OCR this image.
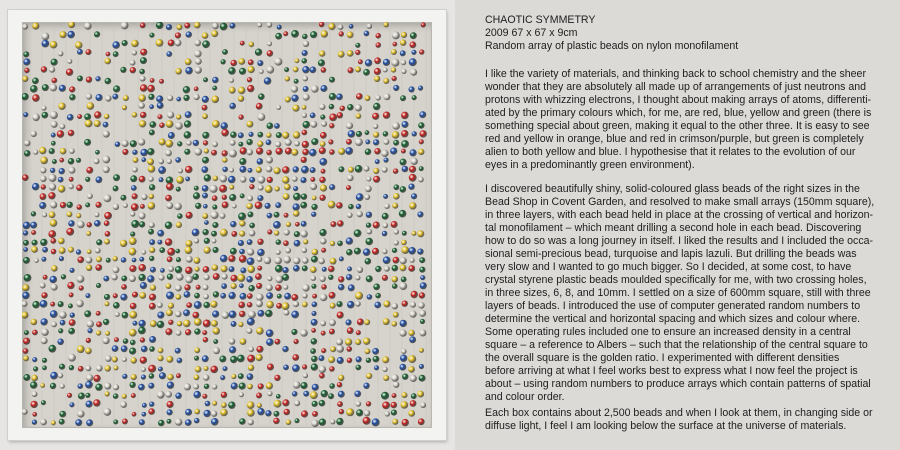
CHAOTIC SYMMETRY
2009 67 x 67 x 9cm
Random array of plastic beads on nylon monofilament
I like the variety of materials, and thinking back to school chemistry and the sheer
wonder that they are absolutely all made up of arrangements of just neutrons and
protons with whizzing electrons, I thought about making arrays of atoms, differenti-
ated by the primary colours which, for me, are red, blue, yellow and green (there is
something special about green, making it equal to the other three. It is easy to see
red and yellow in orange, blue and red in crimson/purple, but green is completely
alien to both yellow and blue. I hypothesise that it relates to the evolution of our
eyes in a predominantly green environment).
I discovered beautifully shiny, solid-coloured glass beads of the right sizes in the
Bead Shop in Covent Garden, and resolved to make small arrays (150mm square),
in three layers, with each bead held in place at the crossing of vertical and horizon-
tal monofilament – which meant drilling a second hole in each bead. Discovering
how to do so was a long journey in itself. I liked the results and I included the occa-
sional semi-precious bead, turquoise and lapis lazuli. But drilling the beads was
very slow and I wanted to go much bigger. So I decided, at some cost, to have
crystal styrene plastic beads moulded specifically for me, with two crossing holes,
in three sizes, 6, 8, and 10mm. I settled on a size of 600mm square, still with three
layers of beads. I introduced the use of computer generated random numbers to
determine the vertical and horizontal spacing and which sizes and colour where.
Some operating rules included one to ensure an increased density in a central
square – a reference to Albers – such that the relationship of the central square to
the overall square is the golden ratio. I experimented with different densities
before arriving at what I feel works best to express what I now feel the project is
about – using random numbers to produce arrays which contain patterns of spatial
and colour order.
Each box contains about 2,500 beads and when I look at them, in changing side or
diffuse light, I feel I am looking below the surface at the universe of materials.
